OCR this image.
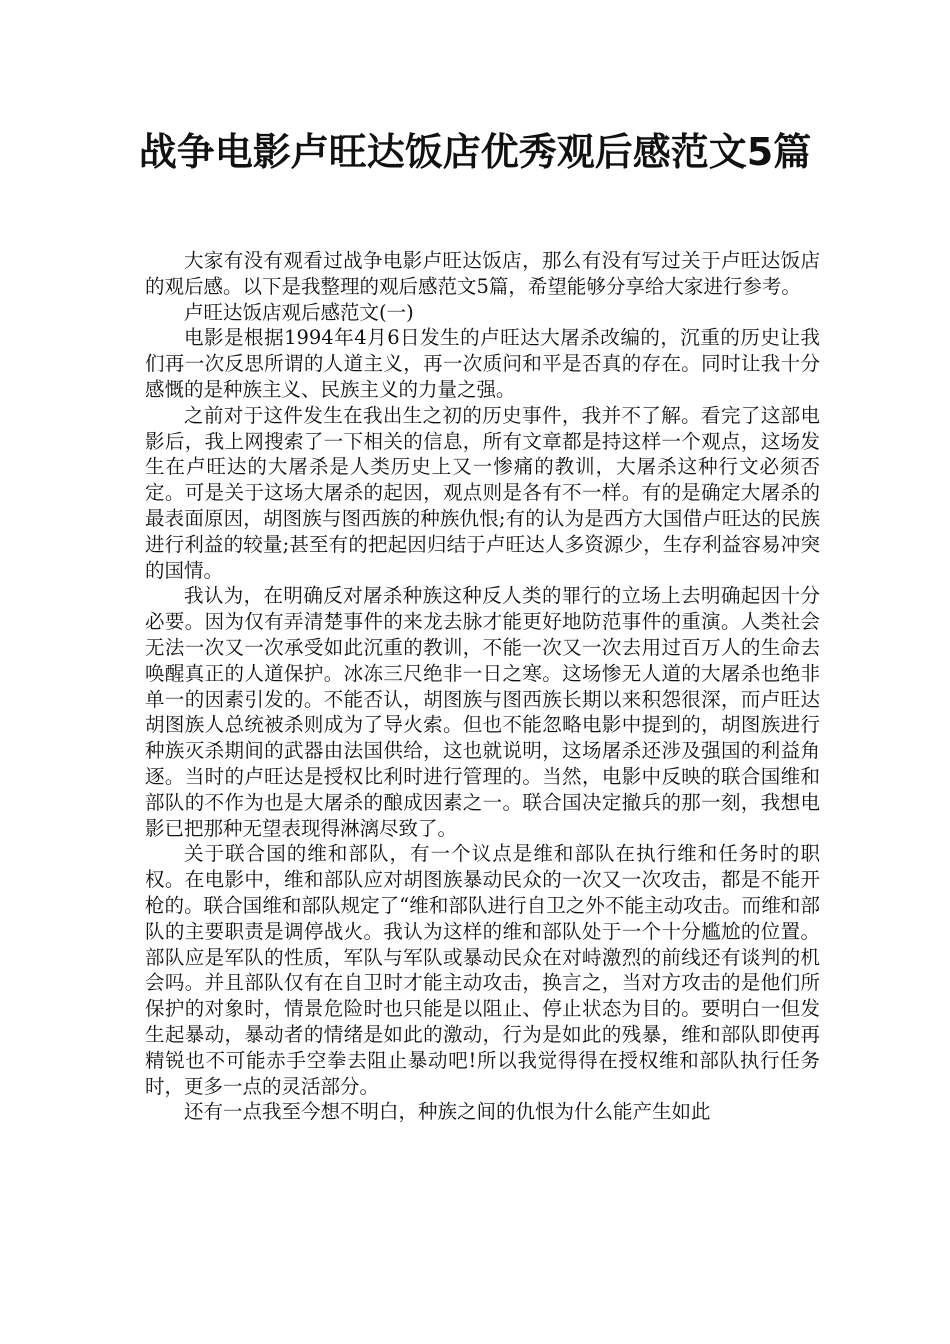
战争电影卢旺达饭店优秀观后感范文5篇

大家有没有观看过战争电影卢旺达饭店，那么有没有写过关于卢旺达饭店的观后感。以下是我整理的观后感范文5篇，希望能够分享给大家进行参考。

卢旺达饭店观后感范文(一)

电影是根据1994年4月6日发生的卢旺达大屠杀改编的，沉重的历史让我们再一次反思所谓的人道主义，再一次质问和平是否真的存在。同时让我十分感慨的是种族主义、民族主义的力量之强。

之前对于这件发生在我出生之初的历史事件，我并不了解。看完了这部电影后，我上网搜索了一下相关的信息，所有文章都是持这样一个观点，这场发生在卢旺达的大屠杀是人类历史上又一惨痛的教训，大屠杀这种行文必须否定。可是关于这场大屠杀的起因，观点则是各有不一样。有的是确定大屠杀的最表面原因，胡图族与图西族的种族仇恨;有的认为是西方大国借卢旺达的民族进行利益的较量;甚至有的把起因归结于卢旺达人多资源少，生存利益容易冲突的国情。

我认为，在明确反对屠杀种族这种反人类的罪行的立场上去明确起因十分必要。因为仅有弄清楚事件的来龙去脉才能更好地防范事件的重演。人类社会无法一次又一次承受如此沉重的教训，不能一次又一次去用过百万人的生命去唤醒真正的人道保护。冰冻三尺绝非一日之寒。这场惨无人道的大屠杀也绝非单一的因素引发的。不能否认，胡图族与图西族长期以来积怨很深，而卢旺达胡图族人总统被杀则成为了导火索。但也不能忽略电影中提到的，胡图族进行种族灭杀期间的武器由法国供给，这也就说明，这场屠杀还涉及强国的利益角逐。当时的卢旺达是授权比利时进行管理的。当然，电影中反映的联合国维和部队的不作为也是大屠杀的酿成因素之一。联合国决定撤兵的那一刻，我想电影已把那种无望表现得淋漓尽致了。

关于联合国的维和部队，有一个议点是维和部队在执行维和任务时的职权。在电影中，维和部队应对胡图族暴动民众的一次又一次攻击，都是不能开枪的。联合国维和部队规定了“维和部队进行自卫之外不能主动攻击。而维和部队的主要职责是调停战火。我认为这样的维和部队处于一个十分尴尬的位置。部队应是军队的性质，军队与军队或暴动民众在对峙激烈的前线还有谈判的机会吗。并且部队仅有在自卫时才能主动攻击，换言之，当对方攻击的是他们所保护的对象时，情景危险时也只能是以阻止、停止状态为目的。要明白一但发生起暴动，暴动者的情绪是如此的激动，行为是如此的残暴，维和部队即使再精锐也不可能赤手空拳去阻止暴动吧!所以我觉得得在授权维和部队执行任务时，更多一点的灵活部分。

还有一点我至今想不明白，种族之间的仇恨为什么能产生如此
